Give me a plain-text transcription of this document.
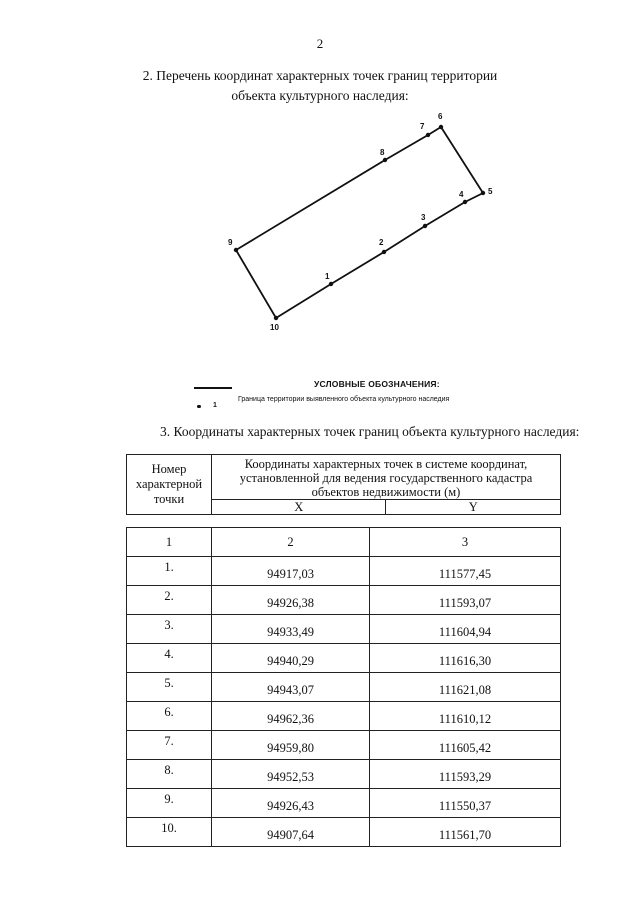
2
2. Перечень координат характерных точек границ территории
объекта культурного наследия:
1
2
3
4	5
6
7
8
9
10
УСЛОВНЫЕ ОБОЗНАЧЕНИЯ:
Граница территории выявленного объекта культурного наследия
1
3. Координаты характерных точек границ объекта культурного наследия:
Номер
характерной
точки	Координаты характерных точек в системе координат, установленной для ведения государственного кадастра объектов недвижимости (м)	
	X	Y
1	2	3
1.	94917,03	111577,45
2.	94926,38	111593,07
3.	94933,49	111604,94
4.	94940,29	111616,30
5.	94943,07	111621,08
6.	94962,36	111610,12
7.	94959,80	111605,42
8.	94952,53	111593,29
9.	94926,43	111550,37
10.	94907,64	111561,70
